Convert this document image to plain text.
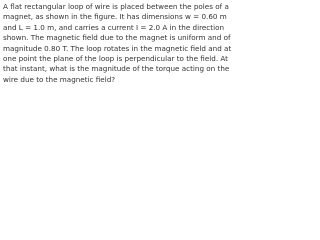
A flat rectangular loop of wire is placed between the poles of a
magnet, as shown in the figure. It has dimensions w = 0.60 m
and L = 1.0 m, and carries a current I = 2.0 A in the direction
shown. The magnetic field due to the magnet is uniform and of
magnitude 0.80 T. The loop rotates in the magnetic field and at
one point the plane of the loop is perpendicular to the field. At
that instant, what is the magnitude of the torque acting on the
wire due to the magnetic field?
